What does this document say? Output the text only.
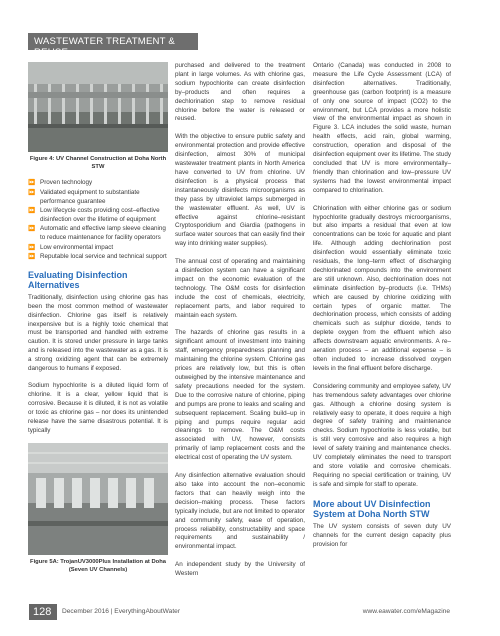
WASTEWATER TREATMENT & REUSE
Figure 4: UV Channel Construction at Doha North STW
⏩ Proven technology
⏩ Validated equipment to substantiate performance guarantee
⏩ Low lifecycle costs providing cost–effective disinfection over the lifetime of equipment
⏩ Automatic and effective lamp sleeve cleaning to reduce maintenance for facility operators
⏩ Low environmental impact
⏩ Reputable local service and technical support
Evaluating Disinfection Alternatives

Traditionally, disinfection using chlorine gas has been the most common method of wastewater disinfection. Chlorine gas itself is relatively inexpensive but is a highly toxic chemical that must be transported and handled with extreme caution. It is stored under pressure in large tanks and is released into the wastewater as a gas. It is a strong oxidizing agent that can be extremely dangerous to humans if exposed.

Sodium hypochlorite is a diluted liquid form of chlorine. It is a clear, yellow liquid that is corrosive. Because it is diluted, it is not as volatile or toxic as chlorine gas – nor does its unintended release have the same disastrous potential. It is typically

Figure 5A: TrojanUV3000Plus Installation at Doha (Seven UV Channels)

purchased and delivered to the treatment plant in large volumes. As with chlorine gas, sodium hypochlorite can create disinfection by–products and often requires a dechlorination step to remove residual chlorine before the water is released or reused.

With the objective to ensure public safety and environmental protection and provide effective disinfection, almost 30% of municipal wastewater treatment plants in North America have converted to UV from chlorine. UV disinfection is a physical process that instantaneously disinfects microorganisms as they pass by ultraviolet lamps submerged in the wastewater effluent. As well, UV is effective against chlorine–resistant Cryptosporidium and Giardia (pathogens in surface water sources that can easily find their way into drinking water supplies).

The annual cost of operating and maintaining a disinfection system can have a significant impact on the economic evaluation of the technology. The O&M costs for disinfection include the cost of chemicals, electricity, replacement parts, and labor required to maintain each system.

The hazards of chlorine gas results in a significant amount of investment into training staff, emergency preparedness planning and maintaining the chlorine system. Chlorine gas prices are relatively low, but this is often outweighed by the intensive maintenance and safety precautions needed for the system. Due to the corrosive nature of chlorine, piping and pumps are prone to leaks and scaling and subsequent replacement. Scaling build–up in piping and pumps require regular acid cleanings to remove. The O&M costs associated with UV, however, consists primarily of lamp replacement costs and the electrical cost of operating the UV system.

Any disinfection alternative evaluation should also take into account the non–economic factors that can heavily weigh into the decision–making process. These factors typically include, but are not limited to operator and community safety, ease of operation, process reliability, constructability and space requirements and sustainability / environmental impact.

An independent study by the University of Western

Ontario (Canada) was conducted in 2008 to measure the Life Cycle Assessment (LCA) of disinfection alternatives. Traditionally, greenhouse gas (carbon footprint) is a measure of only one source of impact (CO2) to the environment, but LCA provides a more holistic view of the environmental impact as shown in Figure 3. LCA includes the solid waste, human health effects, acid rain, global warming, construction, operation and disposal of the disinfection equipment over its lifetime. The study concluded that UV is more environmentally–friendly than chlorination and low–pressure UV systems had the lowest environmental impact compared to chlorination.

Chlorination with either chlorine gas or sodium hypochlorite gradually destroys microorganisms, but also imparts a residual that even at low concentrations can be toxic for aquatic and plant life. Although adding dechlorination post disinfection would essentially eliminate toxic residuals, the long–term effect of discharging dechlorinated compounds into the environment are still unknown. Also, dechlorination does not eliminate disinfection by–products (i.e. THMs) which are caused by chlorine oxidizing with certain types of organic matter. The dechlorination process, which consists of adding chemicals such as sulphur dioxide, tends to deplete oxygen from the effluent which also affects downstream aquatic environments. A re–aeration process – an additional expense – is often included to increase dissolved oxygen levels in the final effluent before discharge.

Considering community and employee safety, UV has tremendous safety advantages over chlorine gas. Although a chlorine dosing system is relatively easy to operate, it does require a high degree of safety training and maintenance checks. Sodium hypochlorite is less volatile, but is still very corrosive and also requires a high level of safety training and maintenance checks. UV completely eliminates the need to transport and store volatile and corrosive chemicals. Requiring no special certification or training, UV is safe and simple for staff to operate.

More about UV Disinfection System at Doha North STW

The UV system consists of seven duty UV channels for the current design capacity plus provision for

128	December 2016 | EverythingAboutWater	www.eawater.com/eMagazine
